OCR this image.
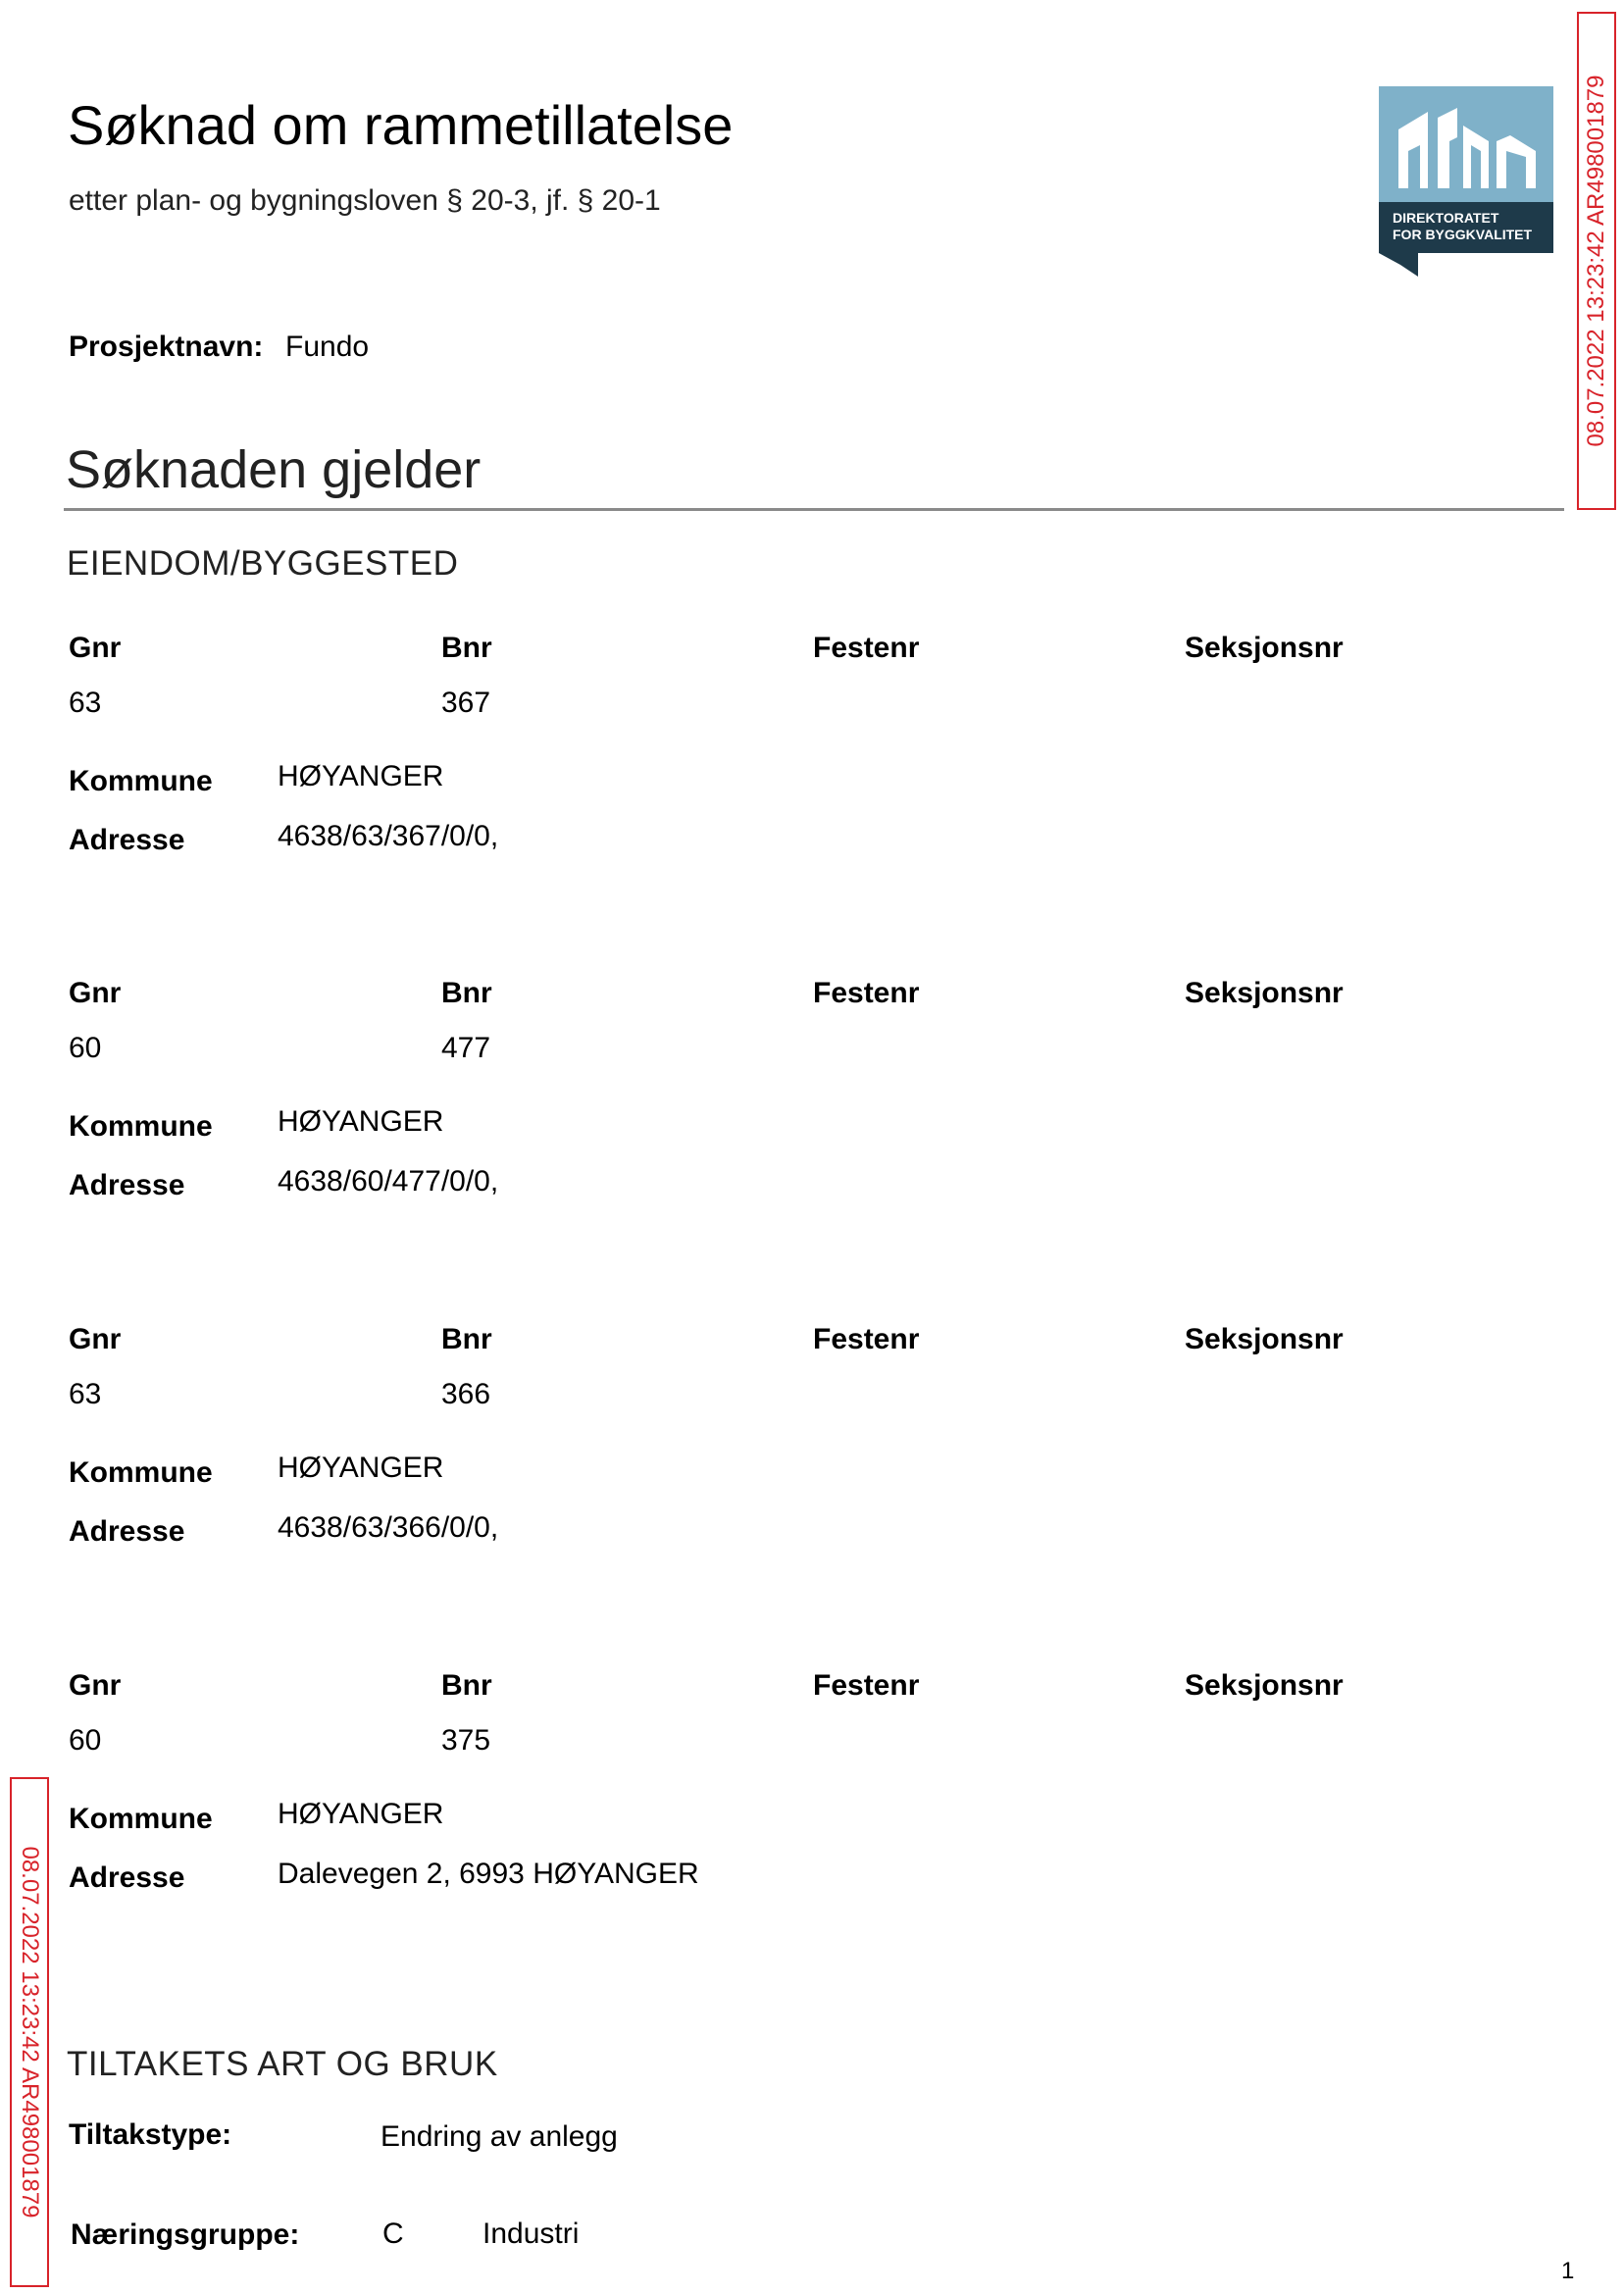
Søknad om rammetillatelse
etter plan- og bygningsloven § 20-3, jf. § 20-1
DIREKTORATET
FOR BYGGKVALITET
Prosjektnavn: Fundo
Søknaden gjelder
EIENDOM/BYGGESTED
Gnr	Bnr	Festenr	Seksjonsnr
63	367
Kommune HØYANGER
Adresse	4638/63/367/0/0,
Gnr	Bnr	Festenr	Seksjonsnr
60	477
Kommune HØYANGER
Adresse	4638/60/477/0/0,
Gnr	Bnr	Festenr	Seksjonsnr
63	366
Kommune HØYANGER
Adresse	4638/63/366/0/0,
Gnr	Bnr	Festenr	Seksjonsnr
60	375
Kommune HØYANGER
Adresse	Dalevegen 2, 6993 HØYANGER
TILTAKETS ART OG BRUK
Tiltakstype:	Endring av anlegg
Næringsgruppe:	C	Industri
08.07.2022 13:23:42 AR498001879
08.07.2022 13:23:42 AR498001879
1
